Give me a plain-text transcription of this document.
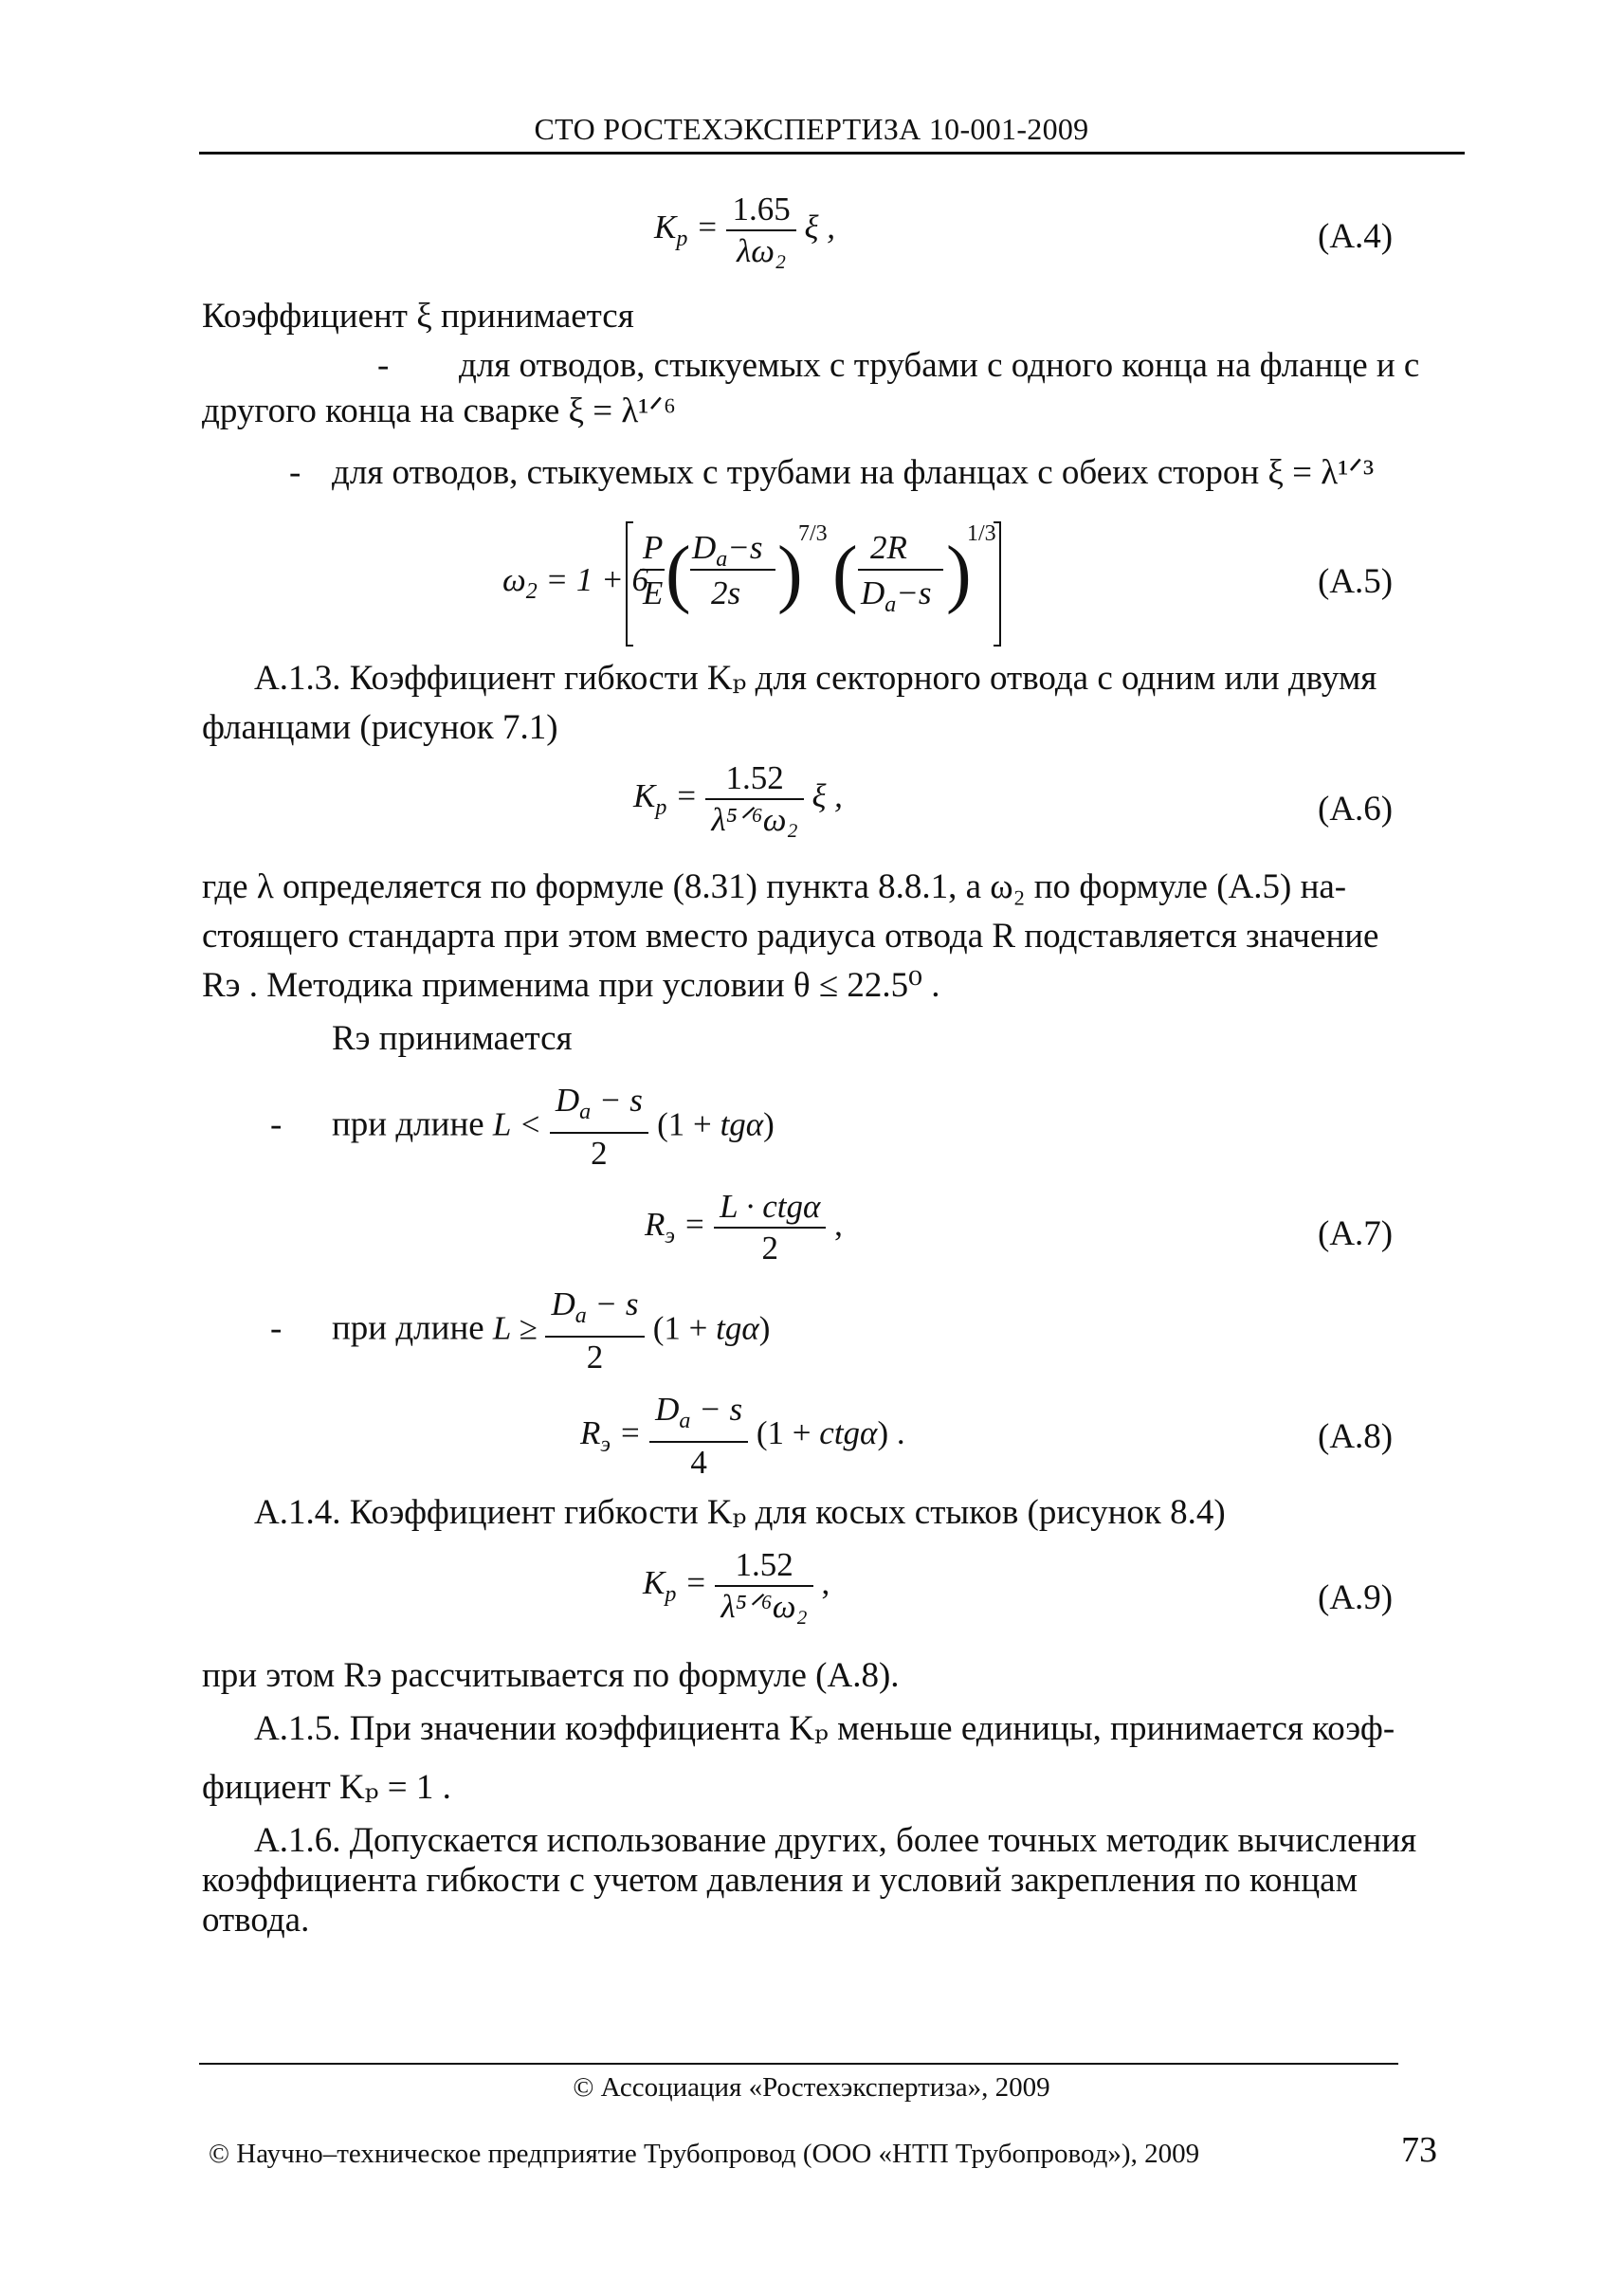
СТО РОСТЕХЭКСПЕРТИЗА 10-001-2009
$K_p = \frac{1.65}{\text{λω₂}}$ ξ ,	(A.4)
Коэффициент ξ принимается
- для отводов, стыкуемых с трубами с одного конца на фланце и с
другого конца на сварке ξ = λ¹ᐟ⁶
- для отводов, стыкуемых с трубами на фланцах с обеих сторон ξ = λ¹ᐟ³
$\omega_2 = 1 + 6$
P
E ( $D_a-s$
2s )
7/3 ( 2R
$D_a-s$ )
1/3
(A.5)
A.1.3. Коэффициент гибкости Kₚ для секторного отвода с одним или двумя
фланцами (рисунок 7.1)
$K_p = \frac{1.52}{\text{λ⁵ᐟ⁶ω₂}}$ ξ ,	(A.6)
где λ определяется по формуле (8.31) пункта 8.8.1, а ω₂ по формуле (A.5) на-
стоящего стандарта при этом вместо радиуса отвода R подставляется значение
Rэ . Методика применима при условии θ ≤ 22.5⁰ .
Rэ принимается
- при длине $L < \frac{D_a - s}{2} (1 + tg\alpha)$
$R_э = \frac{\text{L · ctgα}}{2}$ ,	(A.7)
- при длине $L \ge \frac{D_a - s}{2} (1 + tg\alpha)$
$R_э = \frac{D_a - s}{4} (1 + ctg\alpha)$ .	(A.8)
A.1.4. Коэффициент гибкости Kₚ для косых стыков (рисунок 8.4)
$K_p = \frac{1.52}{\text{λ⁵ᐟ⁶ω₂}}$ ,	(A.9)
при этом Rэ рассчитывается по формуле (A.8).
A.1.5. При значении коэффициента Kₚ меньше единицы, принимается коэф-
фициент Kₚ = 1 .
A.1.6. Допускается использование других, более точных методик вычисления
коэффициента гибкости с учетом давления и условий закрепления по концам
отвода.
© Ассоциация «Ростехэкспертиза», 2009
© Научно–техническое предприятие Трубопровод (ООО «НТП Трубопровод»), 2009	73
